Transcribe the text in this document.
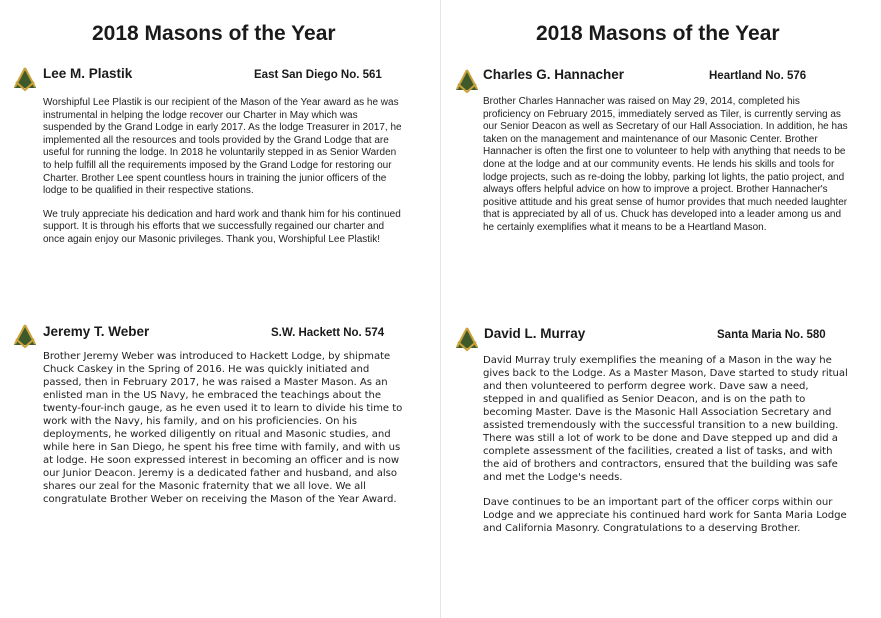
2018 Masons of the Year
Lee M. Plastik	East San Diego No. 561

Worshipful Lee Plastik is our recipient of the Mason of the Year award as he was instrumental in helping the lodge recover our Charter in May which was suspended by the Grand Lodge in early 2017. As the lodge Treasurer in 2017, he implemented all the resources and tools provided by the Grand Lodge that are useful for running the lodge. In 2018 he voluntarily stepped in as Senior Warden to help fulfill all the requirements imposed by the Grand Lodge for restoring our Charter. Brother Lee spent countless hours in training the junior officers of the lodge to be qualified in their respective stations.

We truly appreciate his dedication and hard work and thank him for his continued support. It is through his efforts that we successfully regained our charter and once again enjoy our Masonic privileges. Thank you, Worshipful Lee Plastik!

Jeremy T. Weber	S.W. Hackett No. 574

Brother Jeremy Weber was introduced to Hackett Lodge, by shipmate Chuck Caskey in the Spring of 2016. He was quickly initiated and passed, then in February 2017, he was raised a Master Mason. As an enlisted man in the US Navy, he embraced the teachings about the twenty-four-inch gauge, as he even used it to learn to divide his time to work with the Navy, his family, and on his proficiencies. On his deployments, he worked diligently on ritual and Masonic studies, and while here in San Diego, he spent his free time with family, and with us at lodge. He soon expressed interest in becoming an officer and is now our Junior Deacon. Jeremy is a dedicated father and husband, and also shares our zeal for the Masonic fraternity that we all love. We all congratulate Brother Weber on receiving the Mason of the Year Award.

2018 Masons of the Year
Charles G. Hannacher	Heartland No. 576

Brother Charles Hannacher was raised on May 29, 2014, completed his proficiency on February 2015, immediately served as Tiler, is currently serving as our Senior Deacon as well as Secretary of our Hall Association. In addition, he has taken on the management and maintenance of our Masonic Center. Brother Hannacher is often the first one to volunteer to help with anything that needs to be done at the lodge and at our community events. He lends his skills and tools for lodge projects, such as re-doing the lobby, parking lot lights, the patio project, and always offers helpful advice on how to improve a project. Brother Hannacher's positive attitude and his great sense of humor provides that much needed laughter that is appreciated by all of us. Chuck has developed into a leader among us and he certainly exemplifies what it means to be a Heartland Mason.

David L. Murray	Santa Maria No. 580

David Murray truly exemplifies the meaning of a Mason in the way he gives back to the Lodge. As a Master Mason, Dave started to study ritual and then volunteered to perform degree work. Dave saw a need, stepped in and qualified as Senior Deacon, and is on the path to becoming Master. Dave is the Masonic Hall Association Secretary and assisted tremendously with the successful transition to a new building. There was still a lot of work to be done and Dave stepped up and did a complete assessment of the facilities, created a list of tasks, and with the aid of brothers and contractors, ensured that the building was safe and met the Lodge's needs.

Dave continues to be an important part of the officer corps within our Lodge and we appreciate his continued hard work for Santa Maria Lodge and California Masonry. Congratulations to a deserving Brother.
